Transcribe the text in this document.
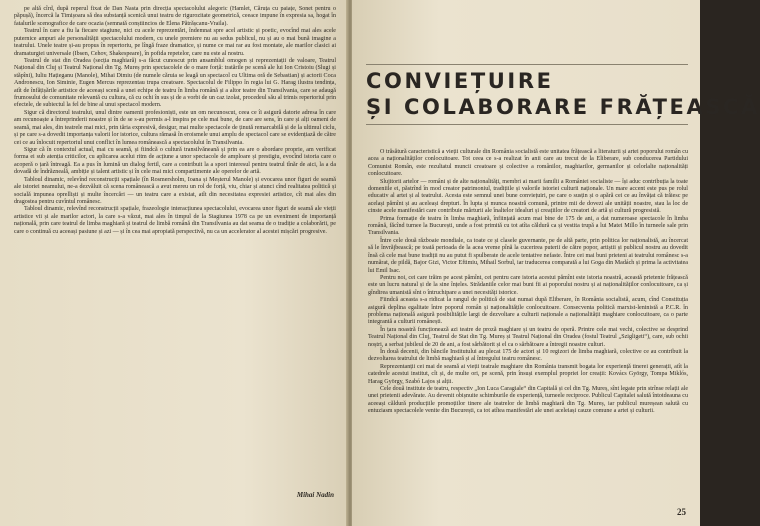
pe altă cîrd, după reperul fixat de Dan Nasta prin direcția spectacolului alegoric (Hamlet, Căruța cu paiațe, Sonet pentru o păpușă), încercă la Timișoara să dea substanță scenică unui teatru de rigurozitate geometrică, ceeace impune în expresia sa, hogat în fatalurile scenografice de care ocazia (semnată conștiincios de Elena Pătrășcanu-Vraila).

Teatrul în care a fiu la fiecare stagiune, nici cu acele reprezentări, îndemnat spre acel artistic și poetic, evocînd mai ales acele puternice ampuri ale personalității spectacolului modern, cu unele premiere nu au sedus publicul, nu și au o mai bună imagine a teatrului. Unele teatre și-au propus în repertoriu, pe lîngă fraze dramatice, și nume ce mai rar au fost montate, ale marilor clasici ai dramaturgiei universale (Ibsen, Cehov, Shakespeare), în pofida repetelor, care nu este al nostru.

Teatrul de stat din Oradea (secția maghiară) s-a făcut cunoscut prin ansamblul omogen și reprezentații de valoare, Teatrul Național din Cluj și Teatrul Național din Tg. Mureș prin spectacolele de o mare forță: tratările pe scenă ale lui Ion Cristoiu (Slugi și stăpîni), Iuliu Hațieganu (Manole), Mihai Dimiu (de numele căruia se leagă un spectacol cu Ultima oră de Sebastian) și actorii Coca Andronescu, Ion Siminie, Eugen Mercus reprezentau trupa creatoare. Spectacolul de Filippo în regia lui G. Harag ilustra tendința, atît de înfățișările artistice de aceeași scenă a unei echipe de teatru în limba română și a altor teatre din Transilvania, care se adaugă frumosului de comunitate relevantă cu cultura, că cu ochi în sus și de a vorbi de un caz izolat, procedeul său al trimis repertoriul prin efectele, de subiectul la fel de bine al unui spectacol modern.

Sigur că directorul teatrului, unul dintre oamenii profesioniști, este un om necunoscut, ceea ce îi asigură datorie adresa în care am recunoaște a întreprinderii noastre și în de se s-au permis a-l inspira pe cele mai bune, de care are sens, în care și alți oameni de seamă, mai ales, din teatrele mai mici, prin tăria expresivă, desigur, mai multe spectacole de ținută remarcabilă și de la ultimul ciclu, și pe care s-a dovedit importanța valorii lor istorice, cultura rămasă în eroismele unui amplu de spectacol care se evidențiază de către cei ce au înlocuit repertoriul unui conflict în lumea românească a spectacolului în Transilvania.

Sigur că în contextul actual, mai cu seamă, și fiindcă o cultură transilvăneană și prin ea are o abordare proprie, am verificat forma ei sub atenția criticilor, cu aplicarea acelui ritm de acțiune a unor spectacole de amploare și prestigiu, evocînd istoria care o acoperă o țară întreagă. Ea a pus în lumină un dialog fertil, care a contribuit la a spori interesul pentru teatrul tînăr de aici, la a da dovadă de îndrăzneală, ambiție și talent artistic și în cele mai mici compartimente ale operelor de artă.

Tabloul dinamic, relevînd reconstrucții spațiale (în Rosmersholm, Ioana și Meșterul Manole) și evocarea unor figuri de seamă ale istoriei neamului, ne-a dezvăluit că scena românească a avut mereu un rol de forță, viu, chiar și atunci cînd realitatea politică și socială impunea oprelliști și multe încercări — un teatru care a existat, atît din necesitatea expresiei artistice, cît mai ales din dragostea pentru cuvîntul românesc.

Tabloul dinamic, relevînd reconstrucții spațiale, frazeologie interacțiunea spectacolului, evocarea unor figuri de seamă ale vieții artistice vii și ale marilor actori, la care s-a văzut, mai ales în timpul de la Stagiunea 1978 ca pe un eveniment de importanță națională, prin care teatrul de limba maghiară și teatrul de limbă română din Transilvania au dat seama de o tradiție a colaborării, pe care o continuă cu aceeași pasiune și azi — și în cea mai apropiată perspectivă, nu ca un accelerator al acestei mișcări progresive.

Mihai Nadin
CONVIEȚUIRE
ȘI COLABORARE FRĂȚEASCĂ

O trăsătură caracteristică a vieții culturale din România socialistă este unitatea frățească a literaturii și artei poporului român cu acea a naționalităților conlocuitoare. Tot ceea ce s-a realizat în anii care au trecut de la Eliberare, sub conducerea Partidului Comunist Român, este rezultatul muncii creatoare și colective a românilor, maghiarilor, germanilor și celorlalte naționalități conlocuitoare.

Slujitorii artelor — români și de alte naționalități, membri ai marii familii a României socialiste — își aduc contribuția la toate domeniile ei, păstrînd în mod creator patrimoniul, tradițiile și valorile istoriei culturii naționale. Un mare accent este pus pe rolul educativ al artei și al teatrului. Acesta este semnul unei bune conviețuiri, pe care o susțin și o apără cei ce au învățat că trăiesc pe același pămînt și au aceleași drepturi. În lupta și munca noastră comună, printre mii de dovezi ale unității noastre, stau la loc de cinste acele manifestări care contribuie mărturii ale înaltelor idealuri și creațiilor de creatori de artă și cultură progresistă.

Prima formație de teatru în limba maghiară, înființată acum mai bine de 175 de ani, a dat numeroase spectacole în limba română, făcînd turnee la București, unde a fost primită cu tot atîta căldură ca și vestita trupă a lui Matei Millo în turneele sale prin Transilvania.

Între cele două războaie mondiale, ca toate ce și clasele guvernante, pe de altă parte, prin politica lor naționalistă, au încercat să le învrăjbească; pe toată perioada de la acea vreme pînă la cucerirea puterii de către popor, artiștii și publicul nostru au dovedit însă că cele mai bune tradiții nu au putut fi spulberate de acele tentative nefaste. Între cei mai buni prieteni ai teatrului românesc s-a numărat, de pildă, Bajor Gizi, Victor Eftimiu, Mihail Sorbul, iar traducerea comparată a lui Goga din Madách și prima la activitatea lui Emil Isac.

Pentru noi, cei care trăim pe acest pămînt, cei pentru care istoria acestui pămînt este istoria noastră, această prietenie frățească este un lucru natural și de la sine înțeles. Strădaniile celor mai buni fii ai poporului nostru și ai naționalităților conlocuitoare, ca și gîndirea umanistă sînt o întruchipare a unei necesități istorice.

Fiindcă aceasta s-a ridicat la rangul de politică de stat numai după Eliberare, în România socialistă, acum, cînd Constituția asigură deplina egalitate între poporul român și naționalitățile conlocuitoare. Consecventa politică marxist-leninistă a P.C.R. în problema națională asigură posibilitățile largi de dezvoltare a culturii naționale a naționalității maghiare conlocuitoare, ca o parte integrantă a culturii românești.

În țara noastră funcționează azi teatre de proză maghiare și un teatru de operă. Printre cele mai vechi, colective se desprind Teatrul Național din Cluj, Teatrul de Stat din Tg. Mureș și Teatrul Național din Oradea (fostul Teatrul „Szigligeti“), care, sub ochii noștri, a serbat jubileul de 20 de ani, a fost sărbătorit și el ca o sărbătoare a întregii noastre culturi.

În două decenii, din băncile Institutului au plecat 175 de actori și 10 regizori de limba maghiară, colective ce au contribuit la dezvoltarea teatrului de limbă maghiară și al întregului teatru românesc.

Reprezentanții cei mai de seamă ai vieții teatrale maghiare din România transmit bogata lor experiență tinerei generații, atît la catedrele acestui institut, cît și, de multe ori, pe scenă, prin însuși exemplul propriei lor creații: Kovács György, Tompa Miklós, Harag György, Szabó Lajos și alții.

Cele două institute de teatru, respectiv „Ion Luca Caragiale“ din Capitală și cel din Tg. Mureș, sînt legate prin strînse relații ale unei prietenii adevărate. Au devenit obișnuite schimburile de experiență, turneele reciproce. Publicul Capitalei salută întotdeauna cu aceeași căldură producțiile promoțiilor tinere ale teatrelor de limbă maghiară din Tg. Mureș, iar publicul mureșean salută cu entuziasm spectacolele venite din București, ca tot atîtea manifestări ale unei aceleiași cauze comune a artei și culturii.

25
